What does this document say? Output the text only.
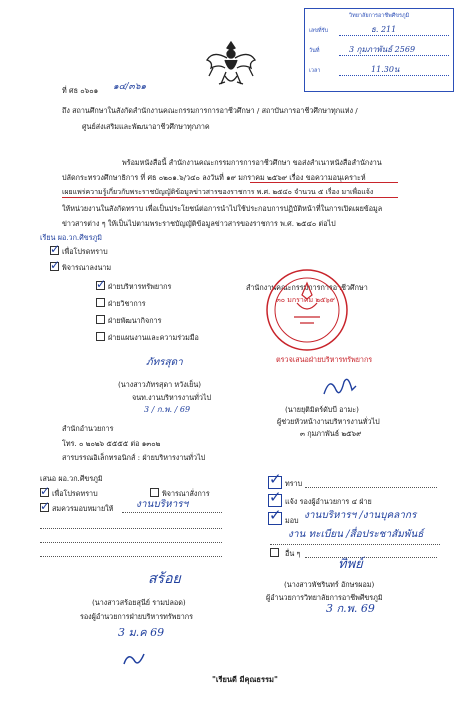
วิทยาลัยการอาชีพศีขรภูมิ
เลขที่รับ	ธ. 211
วันที่	3 กุมภาพันธ์ 2569
เวลา	11.30น
ที่ ศธ ๐๖๐๑ ๑๔/๓๖๑
ถึง สถานศึกษาในสังกัดสำนักงานคณะกรรมการการอาชีวศึกษา / สถาบันการอาชีวศึกษาทุกแห่ง /
ศูนย์ส่งเสริมและพัฒนาอาชีวศึกษาทุกภาค
พร้อมหนังสือนี้ สำนักงานคณะกรรมการการอาชีวศึกษา ขอส่งสำเนาหนังสือสำนักงาน
ปลัดกระทรวงศึกษาธิการ ที่ ศธ ๐๒๐๑.๖/ว๔๐ ลงวันที่ ๑๙ มกราคม ๒๕๖๙ เรื่อง ขอความอนุเคราะห์
เผยแพร่ความรู้เกี่ยวกับพระราชบัญญัติข้อมูลข่าวสารของราชการ พ.ศ. ๒๕๔๐ จำนวน ๕ เรื่อง มาเพื่อแจ้ง
ให้หน่วยงานในสังกัดทราบ เพื่อเป็นประโยชน์ต่อการนำไปใช้ประกอบการปฏิบัติหน้าที่ในการเปิดเผยข้อมูล
ข่าวสารต่าง ๆ ให้เป็นไปตามพระราชบัญญัติข้อมูลข่าวสารของราชการ พ.ศ. ๒๕๔๐ ต่อไป
เรียน ผอ.วก.ศีขรภูมิ
✓
เพื่อโปรดทราบ
✓
พิจารณาลงนาม
✓
ฝ่ายบริหารทรัพยากร
ฝ่ายวิชาการ
ฝ่ายพัฒนากิจการ
ฝ่ายแผนงานและความร่วมมือ
ภัทรสุดา
(นางสาวภัทรสุดา หวังเย็น)
จนท.งานบริหารงานทั่วไป
3 / ก.พ. / 69
สำนักงานคณะกรรมการการอาชีวศึกษา
๓๐ มกราคม ๒๕๖๙
ตรวจเสนอฝ่ายบริหารทรัพยากร
(นายยุติมิตร์ดับบี อามะ)
ผู้ช่วยหัวหน้างานบริหารงานทั่วไป
๓ กุมภาพันธ์ ๒๕๖๙
สำนักอำนวยการ
โทร. ๐ ๒๐๒๖ ๕๕๕๕ ต่อ ๑๓๐๒
สารบรรณอิเล็กทรอนิกส์ : ฝ่ายบริหารงานทั่วไป
เสนอ ผอ.วก.ศีขรภูมิ
✓
เพื่อโปรดทราบ	พิจารณาสั่งการ
✓
สมควรมอบหมายให้ งานบริหารฯ
สร้อย
(นางสาวสร้อยสุนีย์ รามปลอด)
รองผู้อำนวยการฝ่ายบริหารทรัพยากร
3 ม.ค 69
✓
ทราบ
✓
แจ้ง รองผู้อำนวยการ ๔ ฝ่าย
✓
มอบ งานบริหารฯ /งานบุคลากร
งาน ทะเบียน /สื่อประชาสัมพันธ์
อื่น ๆ
ทิพย์
(นางสาวพัชรินทร์ อักษรผอม)
ผู้อำนวยการวิทยาลัยการอาชีพศีขรภูมิ
3 ก.พ. 69
"เรียนดี มีคุณธรรม"
